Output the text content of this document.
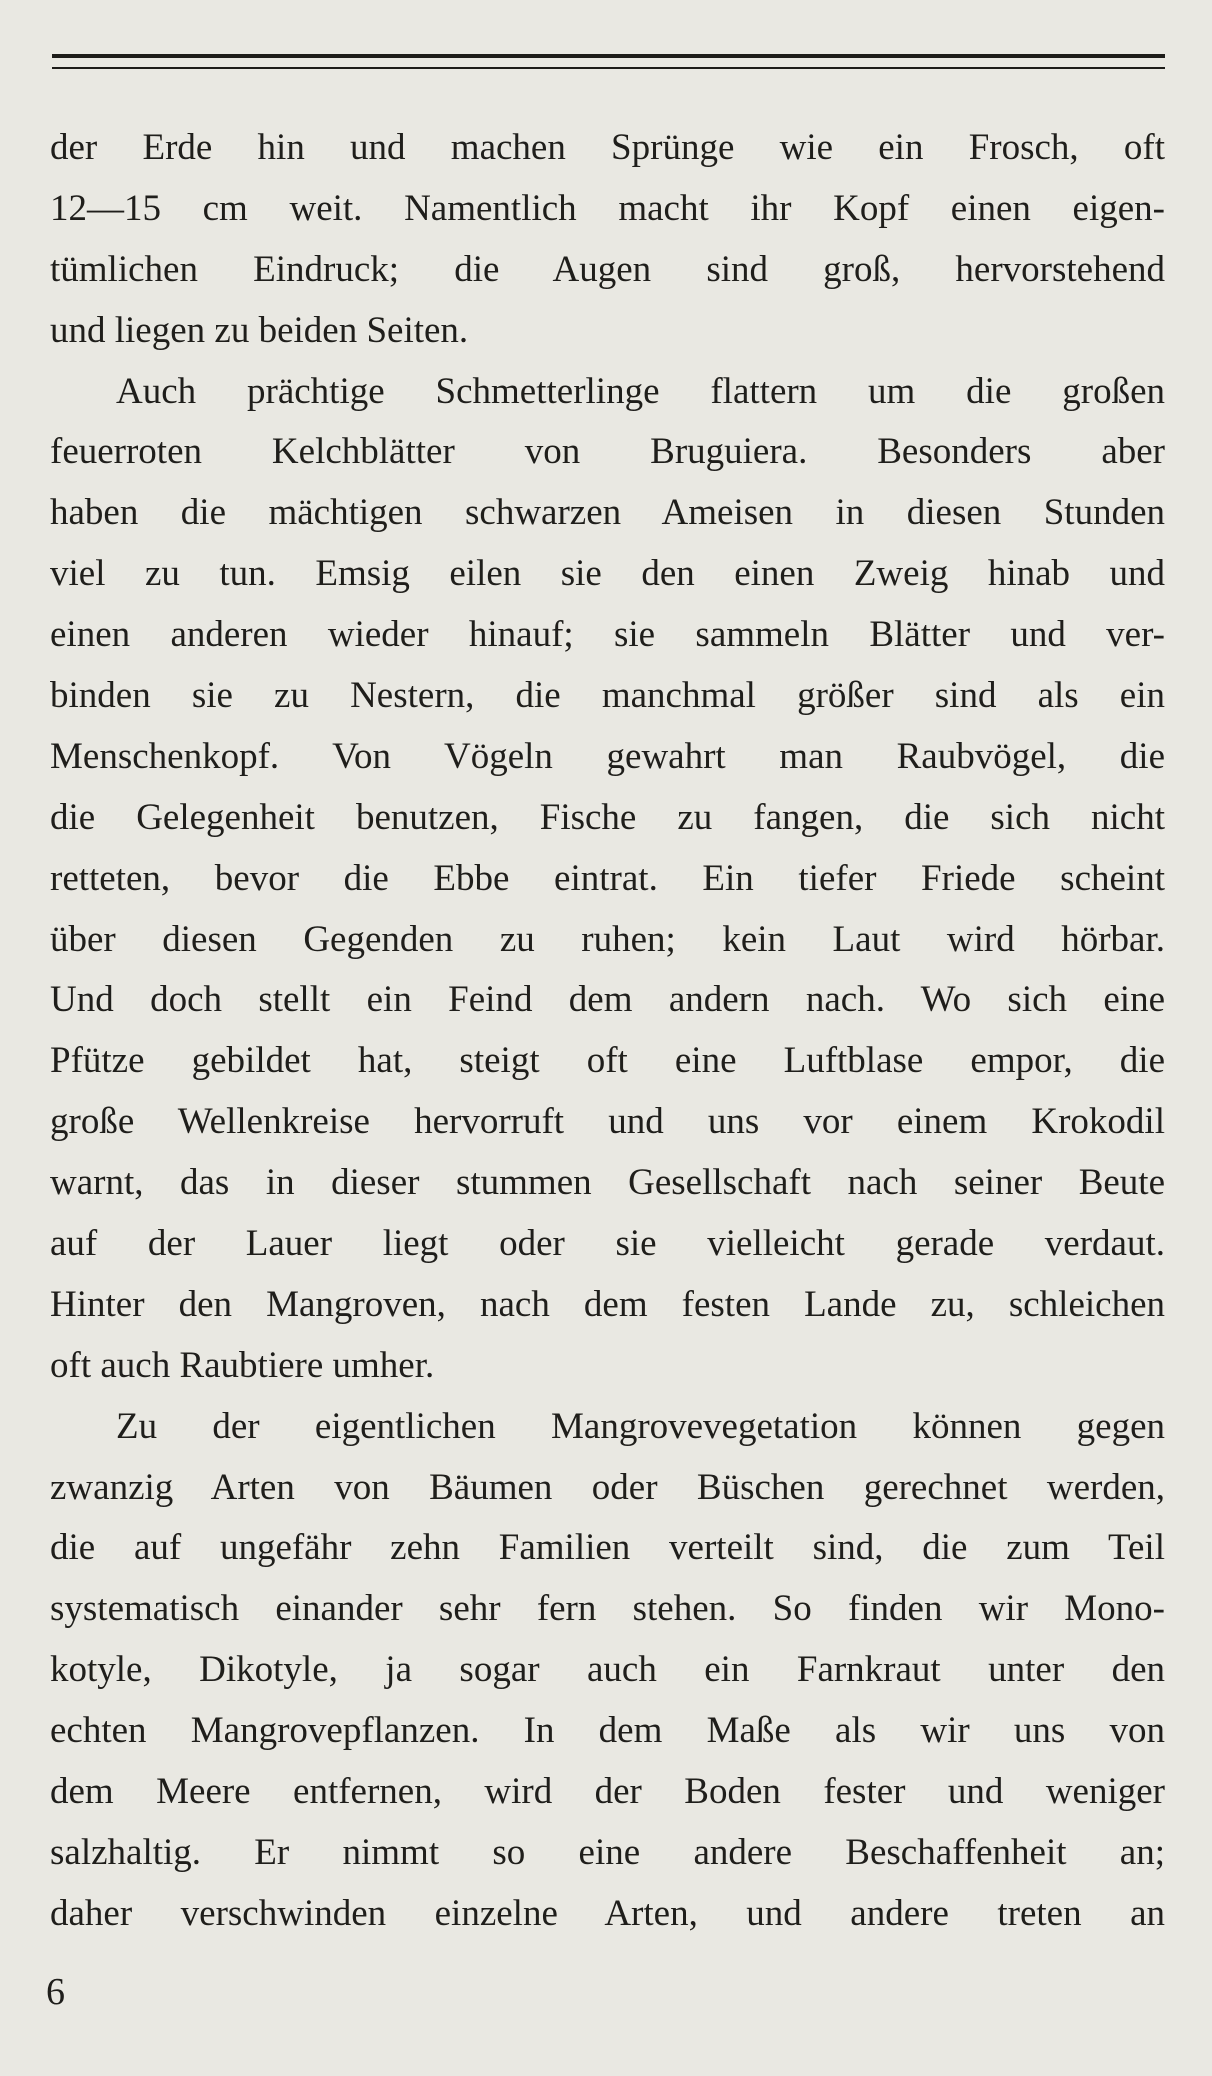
der Erde hin und machen Sprünge wie ein Frosch, oft
12—15 cm weit. Namentlich macht ihr Kopf einen eigen-
tümlichen Eindruck; die Augen sind groß, hervorstehend
und liegen zu beiden Seiten.
Auch prächtige Schmetterlinge flattern um die großen
feuerroten Kelchblätter von Bruguiera. Besonders aber
haben die mächtigen schwarzen Ameisen in diesen Stunden
viel zu tun. Emsig eilen sie den einen Zweig hinab und
einen anderen wieder hinauf; sie sammeln Blätter und ver-
binden sie zu Nestern, die manchmal größer sind als ein
Menschenkopf. Von Vögeln gewahrt man Raubvögel, die
die Gelegenheit benutzen, Fische zu fangen, die sich nicht
retteten, bevor die Ebbe eintrat. Ein tiefer Friede scheint
über diesen Gegenden zu ruhen; kein Laut wird hörbar.
Und doch stellt ein Feind dem andern nach. Wo sich eine
Pfütze gebildet hat, steigt oft eine Luftblase empor, die
große Wellenkreise hervorruft und uns vor einem Krokodil
warnt, das in dieser stummen Gesellschaft nach seiner Beute
auf der Lauer liegt oder sie vielleicht gerade verdaut.
Hinter den Mangroven, nach dem festen Lande zu, schleichen
oft auch Raubtiere umher.
Zu der eigentlichen Mangrovevegetation können gegen
zwanzig Arten von Bäumen oder Büschen gerechnet werden,
die auf ungefähr zehn Familien verteilt sind, die zum Teil
systematisch einander sehr fern stehen. So finden wir Mono-
kotyle, Dikotyle, ja sogar auch ein Farnkraut unter den
echten Mangrovepflanzen. In dem Maße als wir uns von
dem Meere entfernen, wird der Boden fester und weniger
salzhaltig. Er nimmt so eine andere Beschaffenheit an;
daher verschwinden einzelne Arten, und andere treten an
6
